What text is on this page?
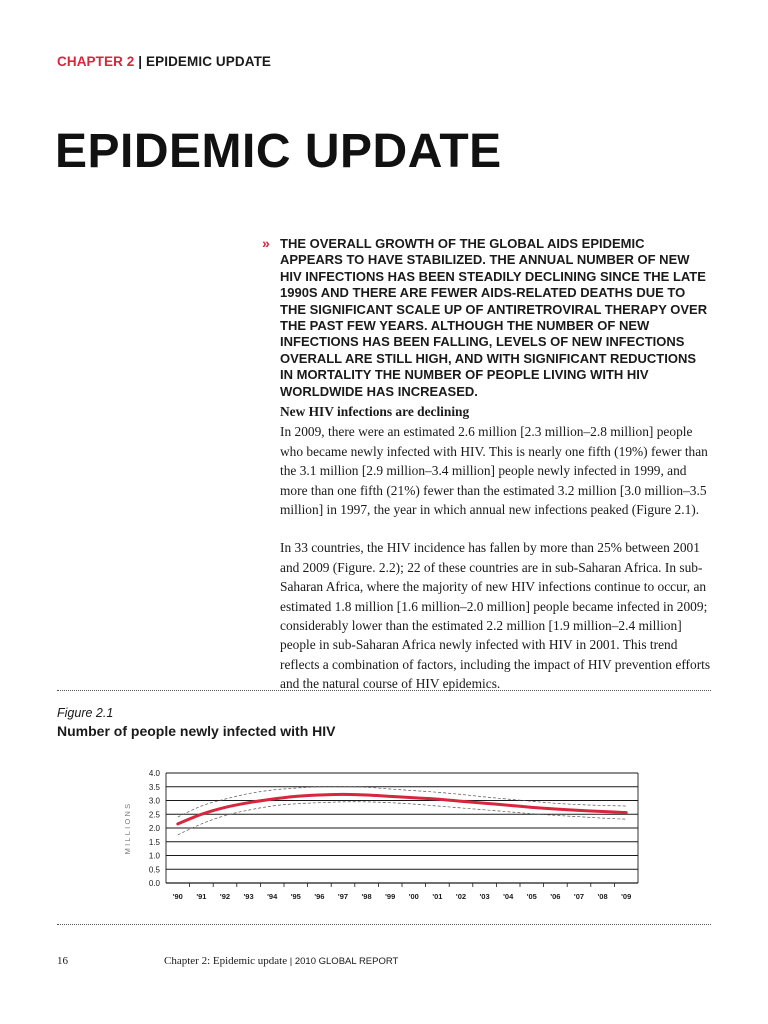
CHAPTER 2 | EPIDEMIC UPDATE
EPIDEMIC UPDATE
» THE OVERALL GROWTH OF THE GLOBAL AIDS EPIDEMIC APPEARS TO HAVE STABILIZED. THE ANNUAL NUMBER OF NEW HIV INFECTIONS HAS BEEN STEADILY DECLINING SINCE THE LATE 1990S AND THERE ARE FEWER AIDS-RELATED DEATHS DUE TO THE SIGNIFICANT SCALE UP OF ANTIRETROVIRAL THERAPY OVER THE PAST FEW YEARS. ALTHOUGH THE NUMBER OF NEW INFECTIONS HAS BEEN FALLING, LEVELS OF NEW INFECTIONS OVERALL ARE STILL HIGH, AND WITH SIGNIFICANT REDUCTIONS IN MORTALITY THE NUMBER OF PEOPLE LIVING WITH HIV WORLDWIDE HAS INCREASED.
New HIV infections are declining

In 2009, there were an estimated 2.6 million [2.3 million–2.8 million] people who became newly infected with HIV. This is nearly one fifth (19%) fewer than the 3.1 million [2.9 million–3.4 million] people newly infected in 1999, and more than one fifth (21%) fewer than the estimated 3.2 million [3.0 million–3.5 million] in 1997, the year in which annual new infections peaked (Figure 2.1).

In 33 countries, the HIV incidence has fallen by more than 25% between 2001 and 2009 (Figure. 2.2); 22 of these countries are in sub-Saharan Africa. In sub-Saharan Africa, where the majority of new HIV infections continue to occur, an estimated 1.8 million [1.6 million–2.0 million] people became infected in 2009; considerably lower than the estimated 2.2 million [1.9 million–2.4 million] people in sub-Saharan Africa newly infected with HIV in 2001. This trend reflects a combination of factors, including the impact of HIV prevention efforts and the natural course of HIV epidemics.

Figure 2.1
Number of people newly infected with HIV
0.0
0.5
1.0
1.5
2.0
2.5
3.0
3.5
4.0
'90 '91 '92 '93 '94 '95 '96 '97 '98 '99 '00 '01 '02 '03 '04 '05 '06 '07 '08 '09
MILLIONS
16	Chapter 2: Epidemic update | 2010 GLOBAL REPORT
